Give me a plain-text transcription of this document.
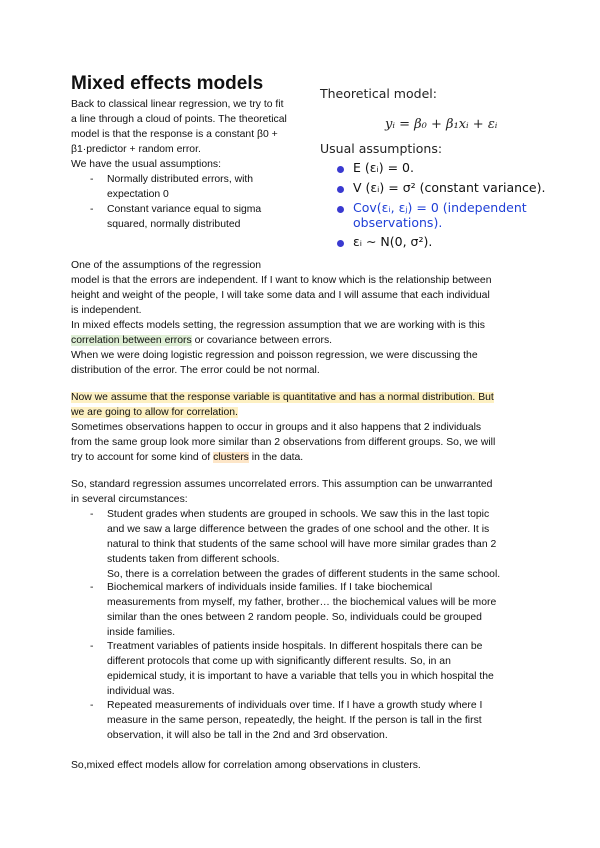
Mixed effects models
Back to classical linear regression, we try to fit
a line through a cloud of points. The theoretical
model is that the response is a constant β0 +
β1·predictor + random error.
We have the usual assumptions:
- Normally distributed errors, with
expectation 0
- Constant variance equal to sigma
squared, normally distributed
Theoretical model:
yᵢ = β₀ + β₁xᵢ + εᵢ
Usual assumptions:
E (εᵢ) = 0.
V (εᵢ) = σ² (constant variance).
Cov(εᵢ, εⱼ) = 0 (independent
observations).
εᵢ ∼ N(0, σ²).
One of the assumptions of the regression
model is that the errors are independent. If I want to know which is the relationship between
height and weight of the people, I will take some data and I will assume that each individual
is independent.
In mixed effects models setting, the regression assumption that we are working with is this
correlation between errors or covariance between errors.
When we were doing logistic regression and poisson regression, we were discussing the
distribution of the error. The error could be not normal.
Now we assume that the response variable is quantitative and has a normal distribution. But
we are going to allow for correlation.
Sometimes observations happen to occur in groups and it also happens that 2 individuals
from the same group look more similar than 2 observations from different groups. So, we will
try to account for some kind of clusters in the data.
So, standard regression assumes uncorrelated errors. This assumption can be unwarranted
in several circumstances:
- Student grades when students are grouped in schools. We saw this in the last topic
and we saw a large difference between the grades of one school and the other. It is
natural to think that students of the same school will have more similar grades than 2
students taken from different schools.
So, there is a correlation between the grades of different students in the same school.
- Biochemical markers of individuals inside families. If I take biochemical
measurements from myself, my father, brother… the biochemical values will be more
similar than the ones between 2 random people. So, individuals could be grouped
inside families.
- Treatment variables of patients inside hospitals. In different hospitals there can be
different protocols that come up with significantly different results. So, in an
epidemical study, it is important to have a variable that tells you in which hospital the
individual was.
- Repeated measurements of individuals over time. If I have a growth study where I
measure in the same person, repeatedly, the height. If the person is tall in the first
observation, it will also be tall in the 2nd and 3rd observation.
So,mixed effect models allow for correlation among observations in clusters.
